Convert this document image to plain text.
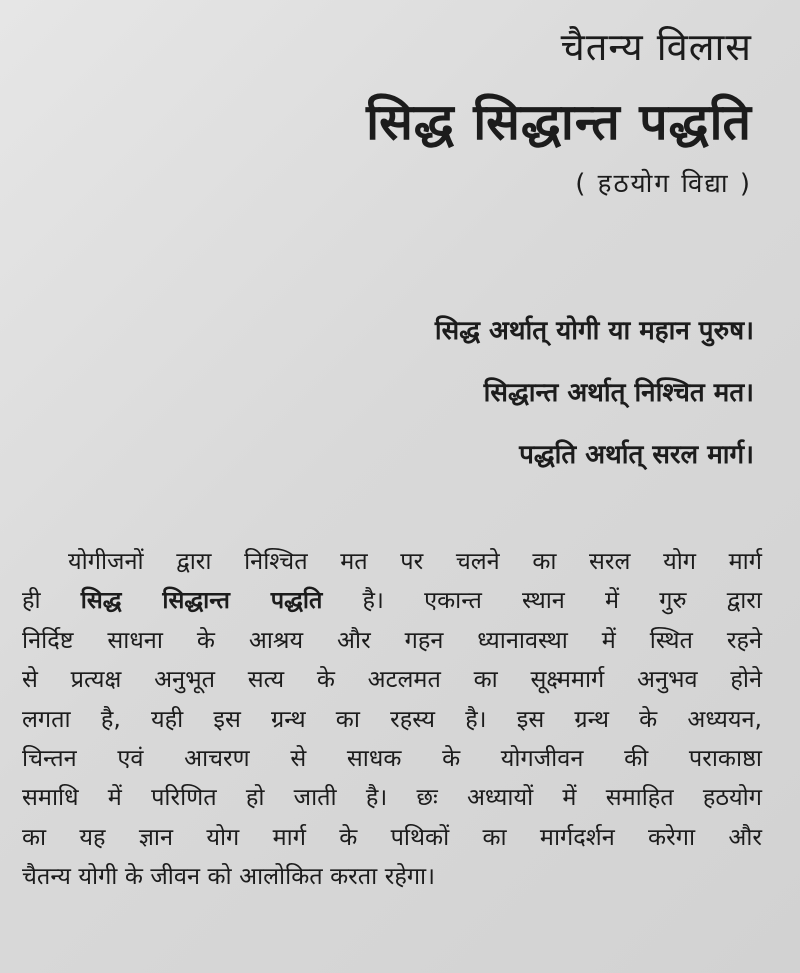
चैतन्य विलास
सिद्ध सिद्धान्त पद्धति
( हठयोग विद्या )

सिद्ध अर्थात् योगी या महान पुरुष।

सिद्धान्त अर्थात् निश्चित मत।

पद्धति अर्थात् सरल मार्ग।

योगीजनों द्वारा निश्चित मत पर चलने का सरल योग मार्ग
ही सिद्ध सिद्धान्त पद्धति है। एकान्त स्थान में गुरु द्वारा
निर्दिष्ट साधना के आश्रय और गहन ध्यानावस्था में स्थित रहने
से प्रत्यक्ष अनुभूत सत्य के अटलमत का सूक्ष्ममार्ग अनुभव होने
लगता है, यही इस ग्रन्थ का रहस्य है। इस ग्रन्थ के अध्ययन,
चिन्तन एवं आचरण से साधक के योगजीवन की पराकाष्ठा
समाधि में परिणित हो जाती है। छः अध्यायों में समाहित हठयोग
का यह ज्ञान योग मार्ग के पथिकों का मार्गदर्शन करेगा और
चैतन्य योगी के जीवन को आलोकित करता रहेगा।
